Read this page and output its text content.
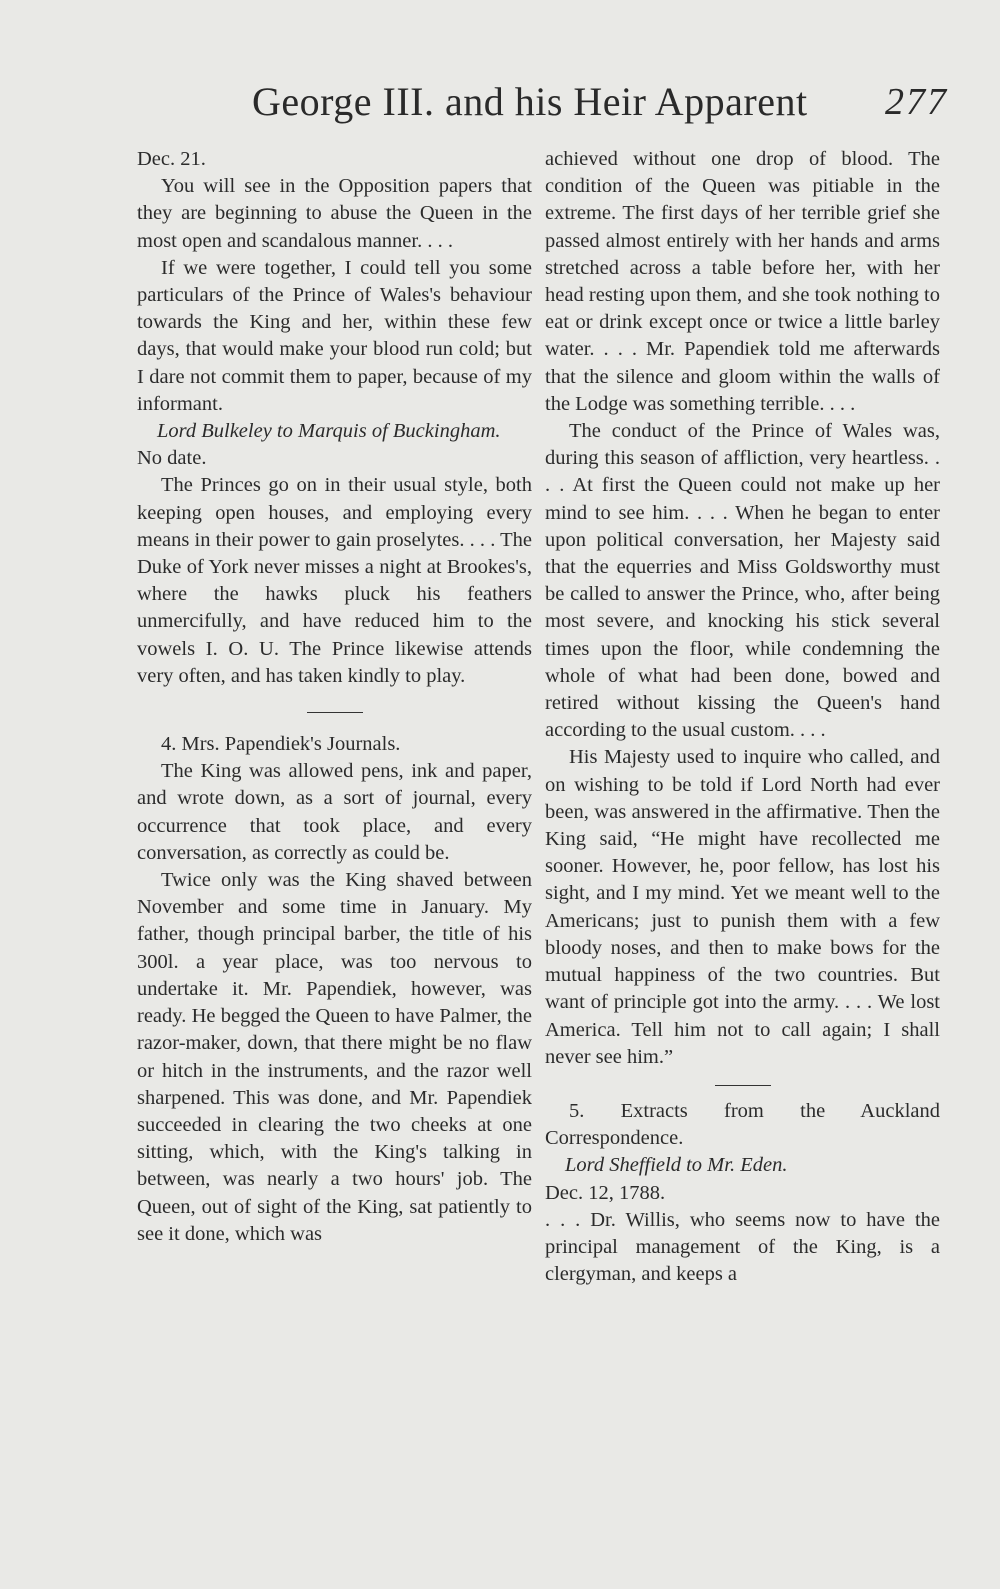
George III. and his Heir Apparent 277

Dec. 21.

You will see in the Opposition papers that they are beginning to abuse the Queen in the most open and scandalous manner. . . .

If we were together, I could tell you some particulars of the Prince of Wales's behaviour towards the King and her, within these few days, that would make your blood run cold; but I dare not commit them to paper, because of my informant.

Lord Bulkeley to Marquis of Buckingham.

No date.

The Princes go on in their usual style, both keeping open houses, and employing every means in their power to gain proselytes. . . . The Duke of York never misses a night at Brookes's, where the hawks pluck his feathers unmercifully, and have reduced him to the vowels I. O. U. The Prince likewise attends very often, and has taken kindly to play.

4. Mrs. Papendiek's Journals.

The King was allowed pens, ink and paper, and wrote down, as a sort of journal, every occurrence that took place, and every conversation, as correctly as could be.

Twice only was the King shaved between November and some time in January. My father, though principal barber, the title of his 300l. a year place, was too nervous to undertake it. Mr. Papendiek, however, was ready. He begged the Queen to have Palmer, the razor-maker, down, that there might be no flaw or hitch in the instruments, and the razor well sharpened. This was done, and Mr. Papendiek succeeded in clearing the two cheeks at one sitting, which, with the King's talking in between, was nearly a two hours' job. The Queen, out of sight of the King, sat patiently to see it done, which was

achieved without one drop of blood. The condition of the Queen was pitiable in the extreme. The first days of her terrible grief she passed almost entirely with her hands and arms stretched across a table before her, with her head resting upon them, and she took nothing to eat or drink except once or twice a little barley water. . . . Mr. Papendiek told me afterwards that the silence and gloom within the walls of the Lodge was something terrible. . . .

The conduct of the Prince of Wales was, during this season of affliction, very heartless. . . . At first the Queen could not make up her mind to see him. . . . When he began to enter upon political conversation, her Majesty said that the equerries and Miss Goldsworthy must be called to answer the Prince, who, after being most severe, and knocking his stick several times upon the floor, while condemning the whole of what had been done, bowed and retired without kissing the Queen's hand according to the usual custom. . . .

His Majesty used to inquire who called, and on wishing to be told if Lord North had ever been, was answered in the affirmative. Then the King said, “He might have recollected me sooner. However, he, poor fellow, has lost his sight, and I my mind. Yet we meant well to the Americans; just to punish them with a few bloody noses, and then to make bows for the mutual happiness of the two countries. But want of principle got into the army. . . . We lost America. Tell him not to call again; I shall never see him.”

5. Extracts from the Auckland Correspondence.

Lord Sheffield to Mr. Eden.

Dec. 12, 1788.

. . . Dr. Willis, who seems now to have the principal management of the King, is a clergyman, and keeps a
